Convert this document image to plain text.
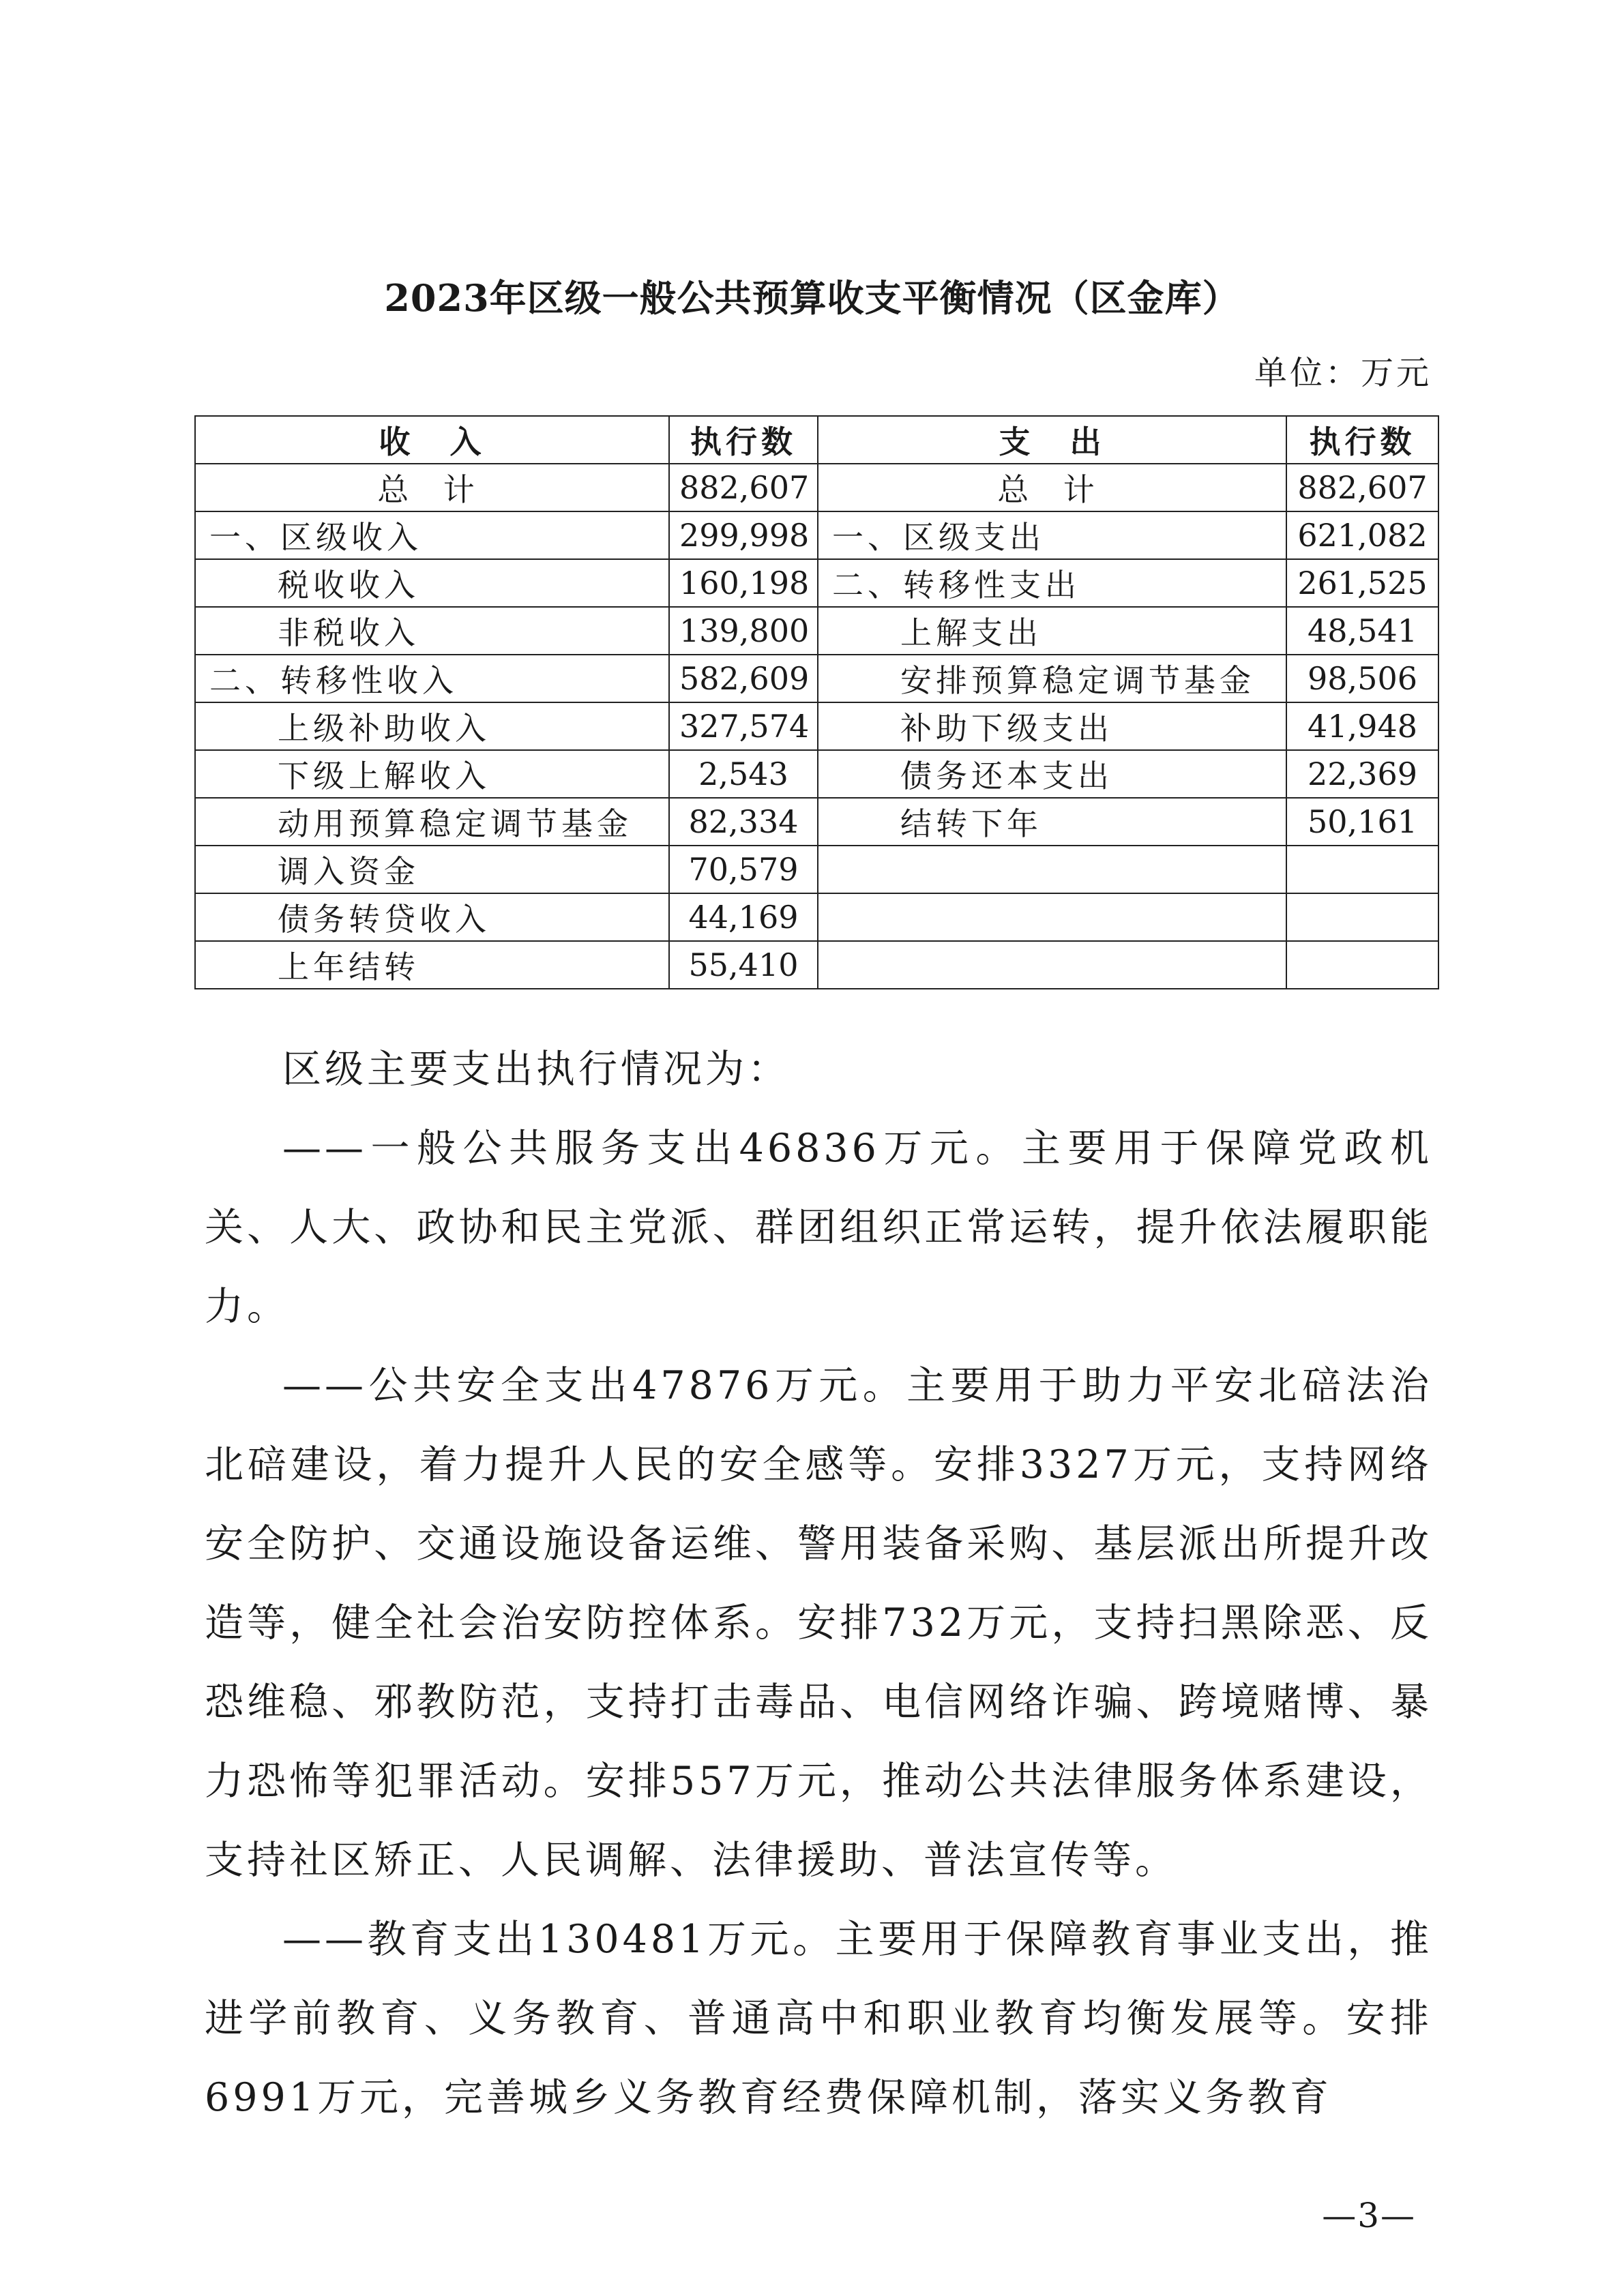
2023年区级一般公共预算收支平衡情况（区金库）
单位：万元
收　入	执行数	支　出	执行数
总 计	882,607	总 计	882,607
一、区级收入	299,998	一、区级支出	621,082
税收收入	160,198	二、转移性支出	261,525
非税收入	139,800	上解支出	48,541
二、转移性收入	582,609	安排预算稳定调节基金	98,506
上级补助收入	327,574	补助下级支出	41,948
下级上解收入	2,543	债务还本支出	22,369
动用预算稳定调节基金	82,334	结转下年	50,161
调入资金	70,579		
债务转贷收入	44,169		
上年结转	55,410		

区级主要支出执行情况为：

——一般公共服务支出46836万元。主要用于保障党政机关、人大、政协和民主党派、群团组织正常运转，提升依法履职能力。

——公共安全支出47876万元。主要用于助力平安北碚法治北碚建设，着力提升人民的安全感等。安排3327万元，支持网络安全防护、交通设施设备运维、警用装备采购、基层派出所提升改造等，健全社会治安防控体系。安排732万元，支持扫黑除恶、反恐维稳、邪教防范，支持打击毒品、电信网络诈骗、跨境赌博、暴力恐怖等犯罪活动。安排557万元，推动公共法律服务体系建设，支持社区矫正、人民调解、法律援助、普法宣传等。

——教育支出130481万元。主要用于保障教育事业支出，推进学前教育、义务教育、普通高中和职业教育均衡发展等。安排6991万元，完善城乡义务教育经费保障机制，落实义务教育

—3—
